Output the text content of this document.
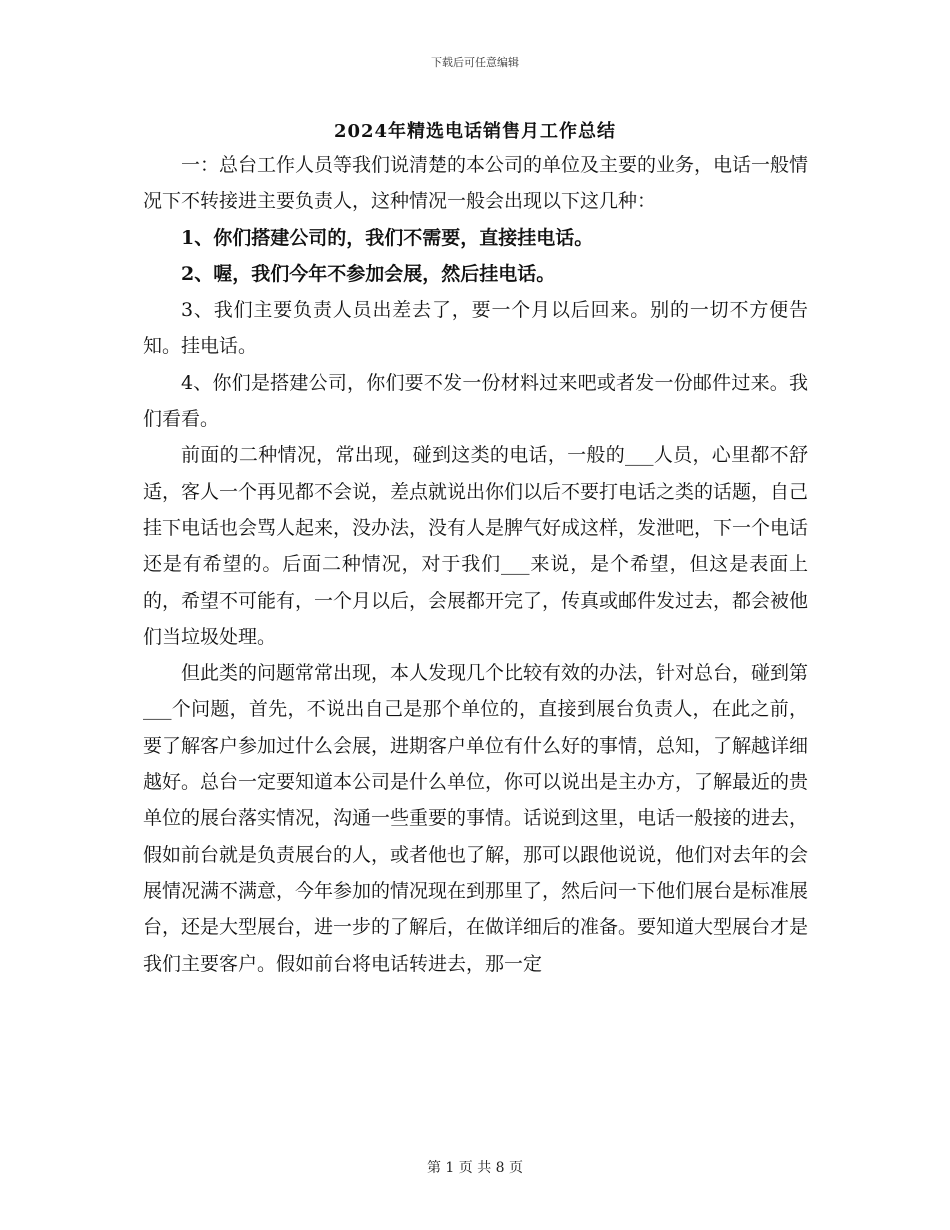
下载后可任意编辑
2024年精选电话销售月工作总结

一：总台工作人员等我们说清楚的本公司的单位及主要的业务，电话一般情况下不转接进主要负责人，这种情况一般会出现以下这几种：

1、你们搭建公司的，我们不需要，直接挂电话。

2、喔，我们今年不参加会展，然后挂电话。

3、我们主要负责人员出差去了，要一个月以后回来。别的一切不方便告知。挂电话。

4、你们是搭建公司，你们要不发一份材料过来吧或者发一份邮件过来。我们看看。

前面的二种情况，常出现，碰到这类的电话，一般的___人员，心里都不舒适，客人一个再见都不会说，差点就说出你们以后不要打电话之类的话题，自己挂下电话也会骂人起来，没办法，没有人是脾气好成这样，发泄吧，下一个电话还是有希望的。后面二种情况，对于我们___来说，是个希望，但这是表面上的，希望不可能有，一个月以后，会展都开完了，传真或邮件发过去，都会被他们当垃圾处理。

但此类的问题常常出现，本人发现几个比较有效的办法，针对总台，碰到第___个问题，首先，不说出自己是那个单位的，直接到展台负责人，在此之前，要了解客户参加过什么会展，进期客户单位有什么好的事情，总知，了解越详细越好。总台一定要知道本公司是什么单位，你可以说出是主办方，了解最近的贵单位的展台落实情况，沟通一些重要的事情。话说到这里，电话一般接的进去，假如前台就是负责展台的人，或者他也了解，那可以跟他说说，他们对去年的会展情况满不满意，今年参加的情况现在到那里了，然后问一下他们展台是标准展台，还是大型展台，进一步的了解后，在做详细后的准备。要知道大型展台才是我们主要客户。假如前台将电话转进去，那一定

第 1 页 共 8 页
